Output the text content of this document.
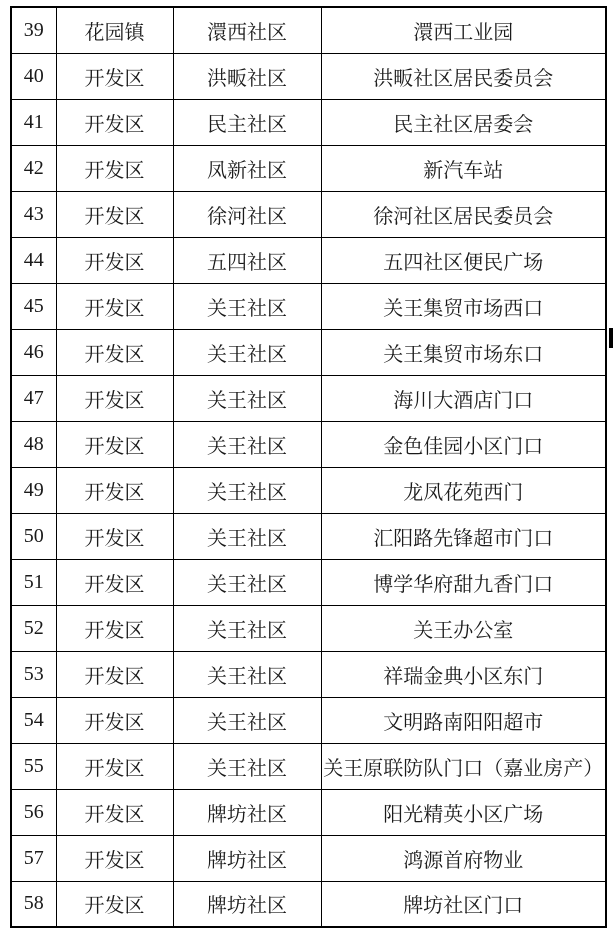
39	花园镇	澴西社区	澴西工业园
40	开发区	洪畈社区	洪畈社区居民委员会
41	开发区	民主社区	民主社区居委会
42	开发区	凤新社区	新汽车站
43	开发区	徐河社区	徐河社区居民委员会
44	开发区	五四社区	五四社区便民广场
45	开发区	关王社区	关王集贸市场西口
46	开发区	关王社区	关王集贸市场东口
47	开发区	关王社区	海川大酒店门口
48	开发区	关王社区	金色佳园小区门口
49	开发区	关王社区	龙凤花苑西门
50	开发区	关王社区	汇阳路先锋超市门口
51	开发区	关王社区	博学华府甜九香门口
52	开发区	关王社区	关王办公室
53	开发区	关王社区	祥瑞金典小区东门
54	开发区	关王社区	文明路南阳阳超市
55	开发区	关王社区	关王原联防队门口（嘉业房产）
56	开发区	牌坊社区	阳光精英小区广场
57	开发区	牌坊社区	鸿源首府物业
58	开发区	牌坊社区	牌坊社区门口
